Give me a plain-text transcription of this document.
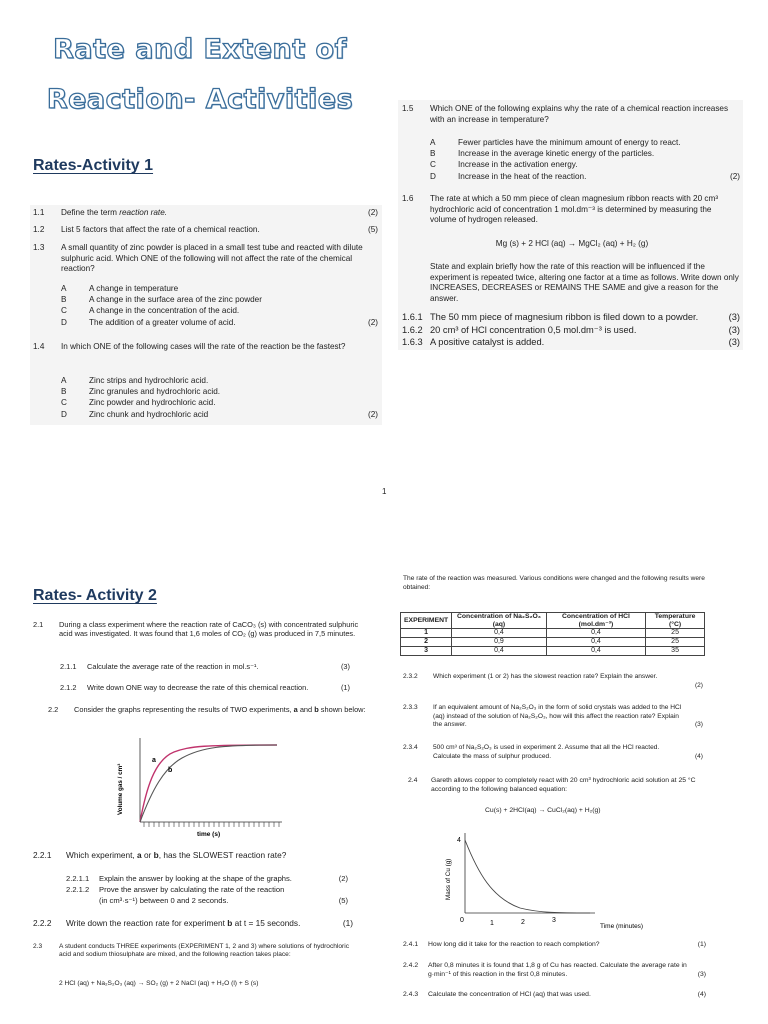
Rate and Extent of
Reaction- Activities
Rates-Activity 1
1.1 Define the term reaction rate.	(2)
1.2 List 5 factors that affect the rate of a chemical reaction.	(5)
1.3 A small quantity of zinc powder is placed in a small test tube and reacted with dilute sulphuric acid. Which ONE of the following will not affect the rate of the chemical reaction?
A	A change in temperature
B	A change in the surface area of the zinc powder
C	A change in the concentration of the acid.
D	The addition of a greater volume of acid.	(2)
1.4 In which ONE of the following cases will the rate of the reaction be the fastest?
A	Zinc strips and hydrochloric acid.
B	Zinc granules and hydrochloric acid.
C	Zinc powder and hydrochloric acid.
D	Zinc chunk and hydrochloric acid	(2)
1.5 Which ONE of the following explains why the rate of a chemical reaction increases with an increase in temperature?
A	Fewer particles have the minimum amount of energy to react.
B	Increase in the average kinetic energy of the particles.
C	Increase in the activation energy.
D	Increase in the heat of the reaction.	(2)
1.6 The rate at which a 50 mm piece of clean magnesium ribbon reacts with 20 cm³ hydrochloric acid of concentration 1 mol.dm⁻³ is determined by measuring the volume of hydrogen released.
Mg (s) + 2 HCl (aq) → MgCl₂ (aq) + H₂ (g)
State and explain briefly how the rate of this reaction will be influenced if the experiment is repeated twice, altering one factor at a time as follows. Write down only INCREASES, DECREASES or REMAINS THE SAME and give a reason for the answer.
1.6.1 The 50 mm piece of magnesium ribbon is filed down to a powder.	(3)
1.6.2 20 cm³ of HCl concentration 0,5 mol.dm⁻³ is used.	(3)
1.6.3 A positive catalyst is added.	(3)
1
Rates- Activity 2
2.1 During a class experiment where the reaction rate of CaCO₃ (s) with concentrated sulphuric acid was investigated. It was found that 1,6 moles of CO₂ (g) was produced in 7,5 minutes.
2.1.1 Calculate the average rate of the reaction in mol.s⁻¹.	(3)
2.1.2 Write down ONE way to decrease the rate of this chemical reaction.	(1)
2.2 Consider the graphs representing the results of TWO experiments, a and b shown below:
a
b
Volume gas / cm³
time (s)
2.2.1 Which experiment, a or b, has the SLOWEST reaction rate?
2.2.1.1 Explain the answer by looking at the shape of the graphs.	(2)
2.2.1.2 Prove the answer by calculating the rate of the reaction
(in cm³·s⁻¹) between 0 and 2 seconds.	(5)
2.2.2 Write down the reaction rate for experiment b at t = 15 seconds.	(1)
2.3	A student conducts THREE experiments (EXPERIMENT 1, 2 and 3) where solutions of hydrochloric acid and sodium thiosulphate are mixed, and the following reaction takes place:
2 HCl (aq) + Na₂S₂O₃ (aq) → SO₂ (g) + 2 NaCl (aq) + H₂O (l) + S (s)
The rate of the reaction was measured. Various conditions were changed and the following results were obtained:
EXPERIMENT	Concentration of Na₂S₂O₃ (aq)	Concentration of HCl (mol.dm⁻³)	Temperature (°C)
1	0,4	0,4	25
2	0,9	0,4	25
3	0,4	0,4	35
2.3.2 Which experiment (1 or 2) has the slowest reaction rate? Explain the answer.
(2)
2.3.3 If an equivalent amount of Na₂S₂O₃ in the form of solid crystals was added to the HCl (aq) instead of the solution of Na₂S₂O₃, how will this affect the reaction rate? Explain the answer.	(3)
2.3.4 500 cm³ of Na₂S₂O₃ is used in experiment 2. Assume that all the HCl reacted. Calculate the mass of sulphur produced.	(4)
2.4 Gareth allows copper to completely react with 20 cm³ hydrochloric acid solution at 25 °C according to the following balanced equation:
Cu(s) + 2HCl(aq) → CuCl₂(aq) + H₂(g)
4
0	1	2	3
Time (minutes)
Mass of Cu (g)
2.4.1 How long did it take for the reaction to reach completion?	(1)
2.4.2 After 0,8 minutes it is found that 1,8 g of Cu has reacted. Calculate the average rate in g·min⁻¹ of this reaction in the first 0,8 minutes.	(3)
2.4.3 Calculate the concentration of HCl (aq) that was used.	(4)
